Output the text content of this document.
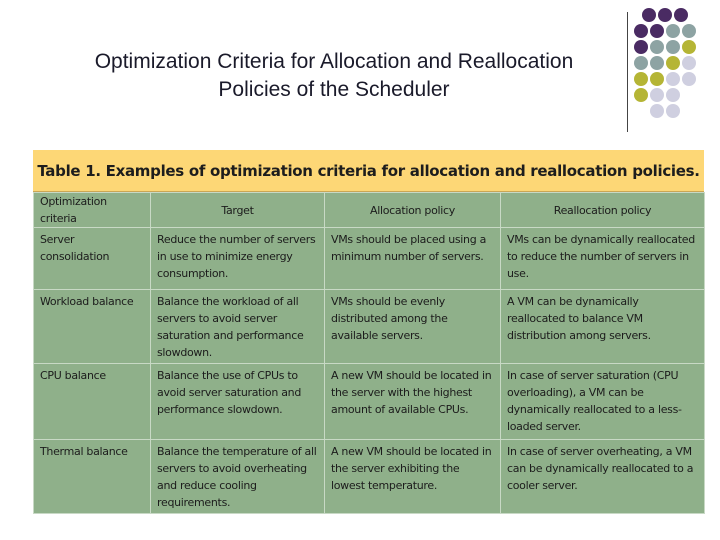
Optimization Criteria for Allocation and Reallocation
Policies of the Scheduler
Table 1. Examples of optimization criteria for allocation and reallocation policies.
Optimization criteria	Target	Allocation policy	Reallocation policy
Server consolidation	Reduce the number of servers in use to minimize energy consumption.	VMs should be placed using a minimum number of servers.	VMs can be dynamically reallocated to reduce the number of servers in use.
Workload balance	Balance the workload of all servers to avoid server saturation and performance slowdown.	VMs should be evenly distributed among the available servers.	A VM can be dynamically reallocated to balance VM distribution among servers.
CPU balance	Balance the use of CPUs to avoid server saturation and performance slowdown.	A new VM should be located in the server with the highest amount of available CPUs.	In case of server saturation (CPU overloading), a VM can be dynamically reallocated to a less-loaded server.
Thermal balance	Balance the temperature of all servers to avoid overheating and reduce cooling requirements.	A new VM should be located in the server exhibiting the lowest temperature.	In case of server overheating, a VM can be dynamically reallocated to a cooler server.
